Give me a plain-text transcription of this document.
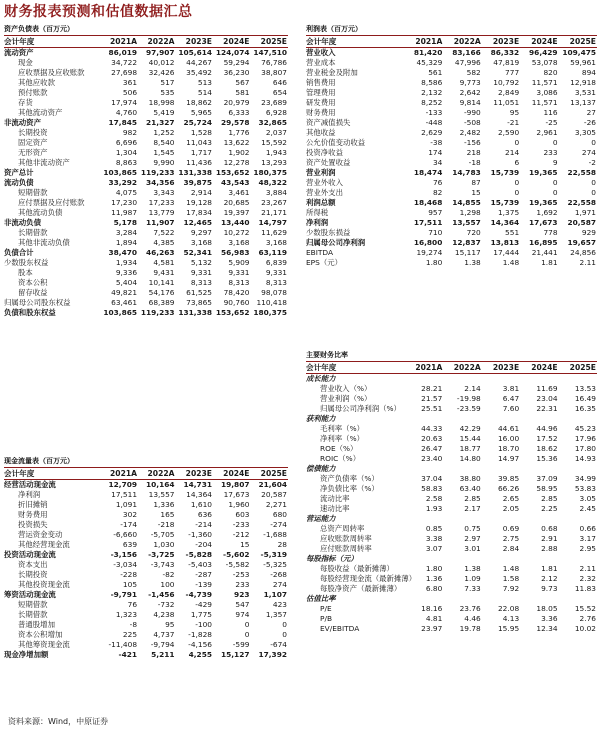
财务报表预测和估值数据汇总
资产负债表（百万元）
会计年度	2021A	2022A	2023E	2024E	2025E
流动资产	86,019	97,907	105,614	124,074	147,510
现金	34,722	40,012	44,267	59,294	76,786
应收票据及应收账款	27,698	32,426	35,492	36,230	38,807
其他应收款	361	517	513	567	646
预付账款	506	535	514	581	654
存货	17,974	18,998	18,862	20,979	23,689
其他流动资产	4,760	5,419	5,965	6,333	6,928
非流动资产	17,845	21,327	25,724	29,578	32,865
长期投资	982	1,252	1,528	1,776	2,037
固定资产	6,696	8,540	11,043	13,622	15,592
无形资产	1,304	1,545	1,717	1,902	1,943
其他非流动资产	8,863	9,990	11,436	12,278	13,293
资产总计	103,865	119,233	131,338	153,652	180,375
流动负债	33,292	34,356	39,875	43,543	48,322
短期借款	4,075	3,343	2,914	3,461	3,884
应付票据及应付账款	17,230	17,233	19,128	20,685	23,267
其他流动负债	11,987	13,779	17,834	19,397	21,171
非流动负债	5,178	11,907	12,465	13,440	14,797
长期借款	3,284	7,522	9,297	10,272	11,629
其他非流动负债	1,894	4,385	3,168	3,168	3,168
负债合计	38,470	46,263	52,341	56,983	63,119
少数股东权益	1,934	4,581	5,132	5,909	6,839
股本	9,336	9,431	9,331	9,331	9,331
资本公积	5,404	10,141	8,313	8,313	8,313
留存收益	49,821	54,176	61,525	78,420	98,078
归属母公司股东权益	63,461	68,389	73,865	90,760	110,418
负债和股东权益	103,865	119,233	131,338	153,652	180,375
利润表（百万元）
会计年度	2021A	2022A	2023E	2024E	2025E
营业收入	81,420	83,166	86,332	96,429	109,475
营业成本	45,329	47,996	47,819	53,078	59,961
营业税金及附加	561	582	777	820	894
销售费用	8,586	9,773	10,792	11,571	12,918
管理费用	2,132	2,642	2,849	3,086	3,531
研发费用	8,252	9,814	11,051	11,571	13,137
财务费用	-133	-990	95	116	27
资产减值损失	-448	-508	-21	-25	-26
其他收益	2,629	2,482	2,590	2,961	3,305
公允价值变动收益	-38	-156	0	0	0
投资净收益	174	218	214	233	274
资产处置收益	34	-18	6	9	-2
营业利润	18,474	14,783	15,739	19,365	22,558
营业外收入	76	87	0	0	0
营业外支出	82	15	0	0	0
利润总额	18,468	14,855	15,739	19,365	22,558
所得税	957	1,298	1,375	1,692	1,971
净利润	17,511	13,557	14,364	17,673	20,587
少数股东损益	710	720	551	778	929
归属母公司净利润	16,800	12,837	13,813	16,895	19,657
EBITDA	19,274	15,117	17,444	21,441	24,856
EPS（元）	1.80	1.38	1.48	1.81	2.11
现金流量表（百万元）
会计年度	2021A	2022A	2023E	2024E	2025E
经营活动现金流	12,709	10,164	14,731	19,807	21,604
净利润	17,511	13,557	14,364	17,673	20,587
折旧摊销	1,091	1,336	1,610	1,960	2,271
财务费用	302	165	636	603	680
投资损失	-174	-218	-214	-233	-274
营运资金变动	-6,660	-5,705	-1,360	-212	-1,688
其他经营现金流	639	1,030	-204	15	28
投资活动现金流	-3,156	-3,725	-5,828	-5,602	-5,319
资本支出	-3,034	-3,743	-5,403	-5,582	-5,325
长期投资	-228	-82	-287	-253	-268
其他投资现金流	105	100	-139	233	274
筹资活动现金流	-9,791	-1,456	-4,739	923	1,107
短期借款	76	-732	-429	547	423
长期借款	1,323	4,238	1,775	974	1,357
普通股增加	-8	95	-100	0	0
资本公积增加	225	4,737	-1,828	0	0
其他筹资现金流	-11,408	-9,794	-4,156	-599	-674
现金净增加额	-421	5,211	4,255	15,127	17,392
主要财务比率
会计年度	2021A	2022A	2023E	2024E	2025E
成长能力					
营业收入（%）	28.21	2.14	3.81	11.69	13.53
营业利润（%）	21.57	-19.98	6.47	23.04	16.49
归属母公司净利润（%）	25.51	-23.59	7.60	22.31	16.35
获利能力					
毛利率（%）	44.33	42.29	44.61	44.96	45.23
净利率（%）	20.63	15.44	16.00	17.52	17.96
ROE（%）	26.47	18.77	18.70	18.62	17.80
ROIC（%）	23.40	14.80	14.97	15.36	14.93
偿债能力					
资产负债率（%）	37.04	38.80	39.85	37.09	34.99
净负债比率（%）	58.83	63.40	66.26	58.95	53.83
流动比率	2.58	2.85	2.65	2.85	3.05
速动比率	1.93	2.17	2.05	2.25	2.45
营运能力					
总资产周转率	0.85	0.75	0.69	0.68	0.66
应收账款周转率	3.38	2.97	2.75	2.91	3.17
应付账款周转率	3.07	3.01	2.84	2.88	2.95
每股指标（元）					
每股收益（最新摊薄）	1.80	1.38	1.48	1.81	2.11
每股经营现金流（最新摊薄）	1.36	1.09	1.58	2.12	2.32
每股净资产（最新摊薄）	6.80	7.33	7.92	9.73	11.83
估值比率					
P/E	18.16	23.76	22.08	18.05	15.52
P/B	4.81	4.46	4.13	3.36	2.76
EV/EBITDA	23.97	19.78	15.95	12.34	10.02
资料来源：Wind，中原证券
